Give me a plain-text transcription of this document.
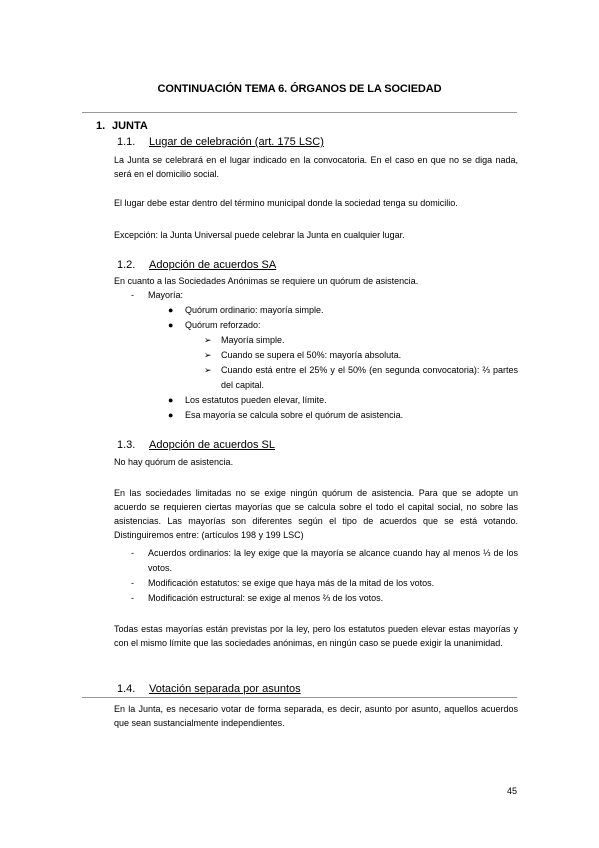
CONTINUACIÓN TEMA 6. ÓRGANOS DE LA SOCIEDAD
1. JUNTA
1.1. Lugar de celebración (art. 175 LSC)
La Junta se celebrará en el lugar indicado en la convocatoria. En el caso en que no se diga nada, será en el domicilio social.
El lugar debe estar dentro del término municipal donde la sociedad tenga su domicilio.
Excepción: la Junta Universal puede celebrar la Junta en cualquier lugar.
1.2. Adopción de acuerdos SA
En cuanto a las Sociedades Anónimas se requiere un quórum de asistencia.
- Mayoría:
● Quórum ordinario: mayoría simple.
● Quórum reforzado:
➢ Mayoría simple.
➢ Cuando se supera el 50%: mayoría absoluta.
➢ Cuando está entre el 25% y el 50% (en segunda convocatoria): ⅔ partes del capital.
● Los estatutos pueden elevar, límite.
● Esa mayoría se calcula sobre el quórum de asistencia.
1.3. Adopción de acuerdos SL
No hay quórum de asistencia.
En las sociedades limitadas no se exige ningún quórum de asistencia. Para que se adopte un acuerdo se requieren ciertas mayorías que se calcula sobre el todo el capital social, no sobre las asistencias. Las mayorías son diferentes según el tipo de acuerdos que se está votando. Distinguiremos entre: (artículos 198 y 199 LSC)
- Acuerdos ordinarios: la ley exige que la mayoría se alcance cuando hay al menos ⅓ de los votos.
- Modificación estatutos: se exige que haya más de la mitad de los votos.
- Modificación estructural: se exige al menos ⅔ de los votos.
Todas estas mayorías están previstas por la ley, pero los estatutos pueden elevar estas mayorías y con el mismo límite que las sociedades anónimas, en ningún caso se puede exigir la unanimidad.
1.4. Votación separada por asuntos
En la Junta, es necesario votar de forma separada, es decir, asunto por asunto, aquellos acuerdos que sean sustancialmente independientes.
45
